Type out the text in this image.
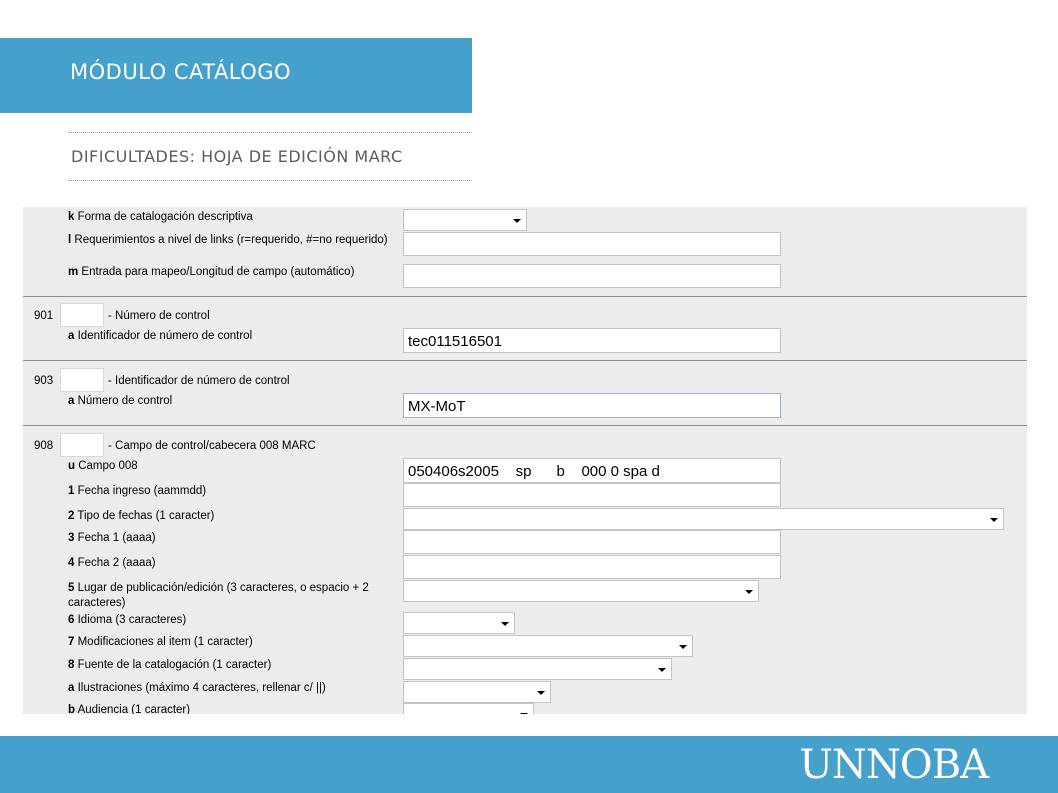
MÓDULO CATÁLOGO
DIFICULTADES: HOJA DE EDICIÓN MARC
k Forma de catalogación descriptiva
l Requerimientos a nivel de links (r=requerido, #=no requerido)
m Entrada para mapeo/Longitud de campo (automático)
901	- Número de control
a Identificador de número de control	tec011516501
903	- Identificador de número de control
a Número de control	MX-MoT
908	- Campo de control/cabecera 008 MARC
u Campo 008	050406s2005    sp      b    000 0 spa d
1 Fecha ingreso (aammdd)
2 Tipo de fechas (1 caracter)
3 Fecha 1 (aaaa)
4 Fecha 2 (aaaa)
5 Lugar de publicación/edición (3 caracteres, o espacio + 2 caracteres)
6 Idioma (3 caracteres)
7 Modificaciones al item (1 caracter)
8 Fuente de la catalogación (1 caracter)
a Ilustraciones (máximo 4 caracteres, rellenar c/ ||)
b Audiencia (1 caracter)
UNNOBA
